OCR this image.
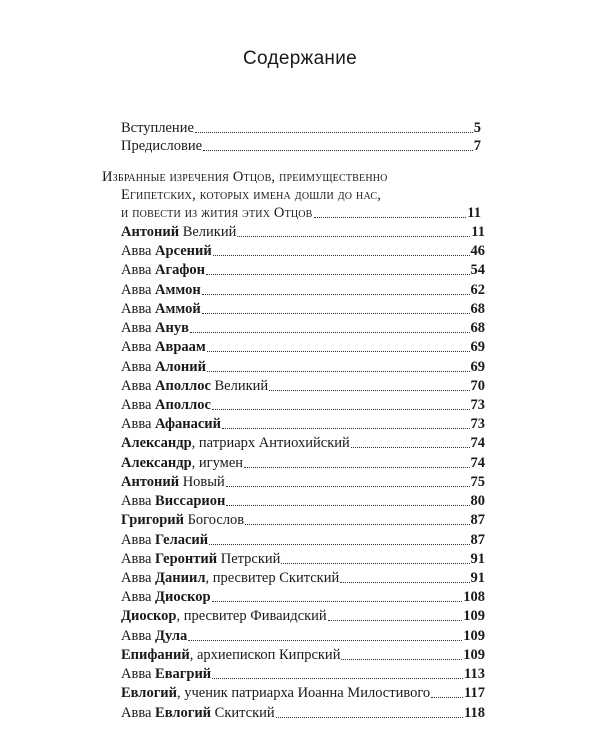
Содержание
Вступление	5
Предисловие	7
Избранные изречения Отцов, преимущественно
Египетских, которых имена дошли до нас,
и повести из жития этих Отцов	11
Антоний Великий	11
Авва Арсений	46
Авва Агафон	54
Авва Аммон	62
Авва Аммой	68
Авва Анув	68
Авва Авраам	69
Авва Алоний	69
Авва Аполлос Великий	70
Авва Аполлос	73
Авва Афанасий	73
Александр, патриарх Антиохийский	74
Александр, игумен	74
Антоний Новый	75
Авва Виссарион	80
Григорий Богослов	87
Авва Геласий	87
Авва Геронтий Петрский	91
Авва Даниил, пресвитер Скитский	91
Авва Диоскор	108
Диоскор, пресвитер Фиваидский	109
Авва Дула	109
Епифаний, архиепископ Кипрский	109
Авва Евагрий	113
Евлогий, ученик патриарха Иоанна Милостивого 117
Авва Евлогий Скитский	118
